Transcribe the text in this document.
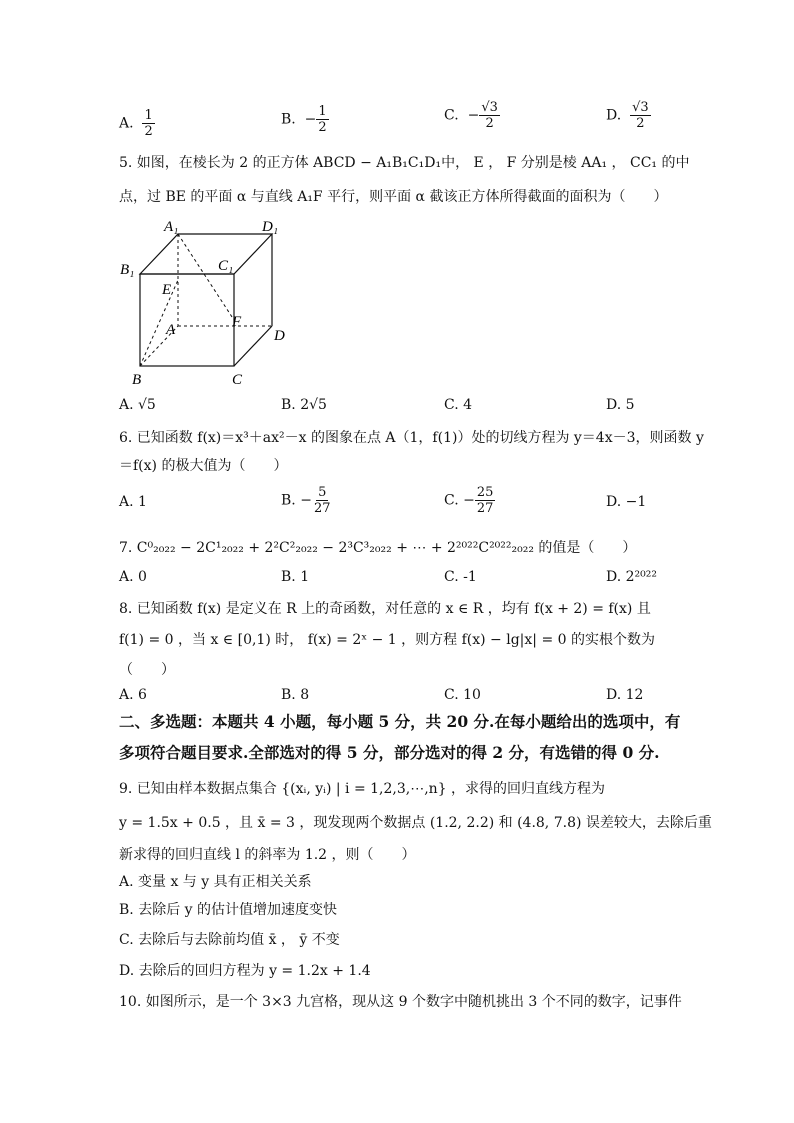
A. $\frac{1}{2}$	B. − $\frac{1}{2}$	C. − $\frac{√3}{2}$	D. $\frac{√3}{2}$
5. 如图，在棱长为 2 的正方体 ABCD − A₁B₁C₁D₁中， E ， F 分别是棱 AA₁ ， CC₁ 的中
点，过 BE 的平面 α 与直线 A₁F 平行，则平面 α 截该正方体所得截面的面积为（　　）
A₁	D₁
B₁	C₁
E
A	F
D
B	C
A. √5	B. 2√5	C. 4	D. 5
6. 已知函数 f(x)＝x³＋ax²－x 的图象在点 A（1，f(1)）处的切线方程为 y＝4x－3，则函数 y
＝f(x) 的极大值为（　　）
A. 1	B. − $\frac{5}{27}$	C. − $\frac{25}{27}$	D. −1
7. C⁰₂₀₂₂ − 2C¹₂₀₂₂ + 2²C²₂₀₂₂ − 2³C³₂₀₂₂ + ⋯ + 2²⁰²²C²⁰²²₂₀₂₂ 的值是（　　）
A. 0	B. 1	C. -1	D. 2²⁰²²
8. 已知函数 f(x) 是定义在 R 上的奇函数，对任意的 x ∈ R ，均有 f(x + 2) = f(x) 且
f(1) = 0 ，当 x ∈ [0,1) 时， f(x) = 2ˣ − 1 ，则方程 f(x) − lg|x| = 0 的实根个数为
（　　）
A. 6	B. 8	C. 10	D. 12
二、多选题：本题共 4 小题，每小题 5 分，共 20 分.在每小题给出的选项中，有
多项符合题目要求.全部选对的得 5 分，部分选对的得 2 分，有选错的得 0 分.
9. 已知由样本数据点集合 {(xᵢ, yᵢ) | i = 1,2,3,⋯,n} ，求得的回归直线方程为
y = 1.5x + 0.5 ，且 x̄ = 3 ，现发现两个数据点 (1.2, 2.2) 和 (4.8, 7.8) 误差较大，去除后重
新求得的回归直线 l 的斜率为 1.2 ，则（　　）
A. 变量 x 与 y 具有正相关关系
B. 去除后 y 的估计值增加速度变快
C. 去除后与去除前均值 x̄ ， ȳ 不变
D. 去除后的回归方程为 y = 1.2x + 1.4
10. 如图所示，是一个 3×3 九宫格，现从这 9 个数字中随机挑出 3 个不同的数字，记事件
